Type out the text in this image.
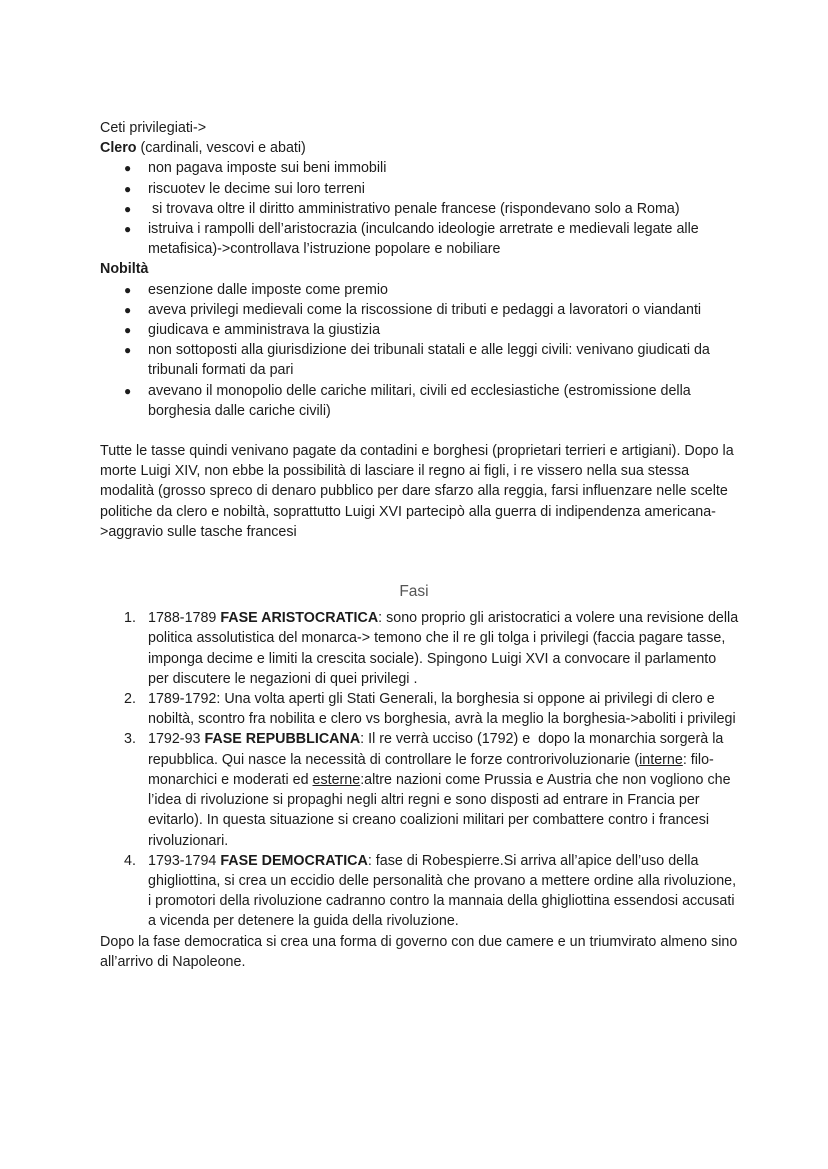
Ceti privilegiati->

Clero (cardinali, vescovi e abati)

● non pagava imposte sui beni immobili
● riscuotev le decime sui loro terreni
● si trovava oltre il diritto amministrativo penale francese (rispondevano solo a Roma)
● istruiva i rampolli dell’aristocrazia (inculcando ideologie arretrate e medievali legate alle metafisica)->controllava l’istruzione popolare e nobiliare

Nobiltà

● esenzione dalle imposte come premio
● aveva privilegi medievali come la riscossione di tributi e pedaggi a lavoratori o viandanti
● giudicava e amministrava la giustizia
● non sottoposti alla giurisdizione dei tribunali statali e alle leggi civili: venivano giudicati da tribunali formati da pari
● avevano il monopolio delle cariche militari, civili ed ecclesiastiche (estromissione della borghesia dalle cariche civili)

Tutte le tasse quindi venivano pagate da contadini e borghesi (proprietari terrieri e artigiani). Dopo la morte Luigi XIV, non ebbe la possibilità di lasciare il regno ai figli, i re vissero nella sua stessa modalità (grosso spreco di denaro pubblico per dare sfarzo alla reggia, farsi influenzare nelle scelte politiche da clero e nobiltà, soprattutto Luigi XVI partecipò alla guerra di indipendenza americana->aggravio sulle tasche francesi

Fasi
1. 1788-1789 FASE ARISTOCRATICA: sono proprio gli aristocratici a volere una revisione della politica assolutistica del monarca-> temono che il re gli tolga i privilegi (faccia pagare tasse, imponga decime e limiti la crescita sociale). Spingono Luigi XVI a convocare il parlamento per discutere le negazioni di quei privilegi .
2. 1789-1792: Una volta aperti gli Stati Generali, la borghesia si oppone ai privilegi di clero e nobiltà, scontro fra nobilita e clero vs borghesia, avrà la meglio la borghesia->aboliti i privilegi
3. 1792-93 FASE REPUBBLICANA: Il re verrà ucciso (1792) e  dopo la monarchia sorgerà la repubblica. Qui nasce la necessità di controllare le forze controrivoluzionarie (interne: filo-monarchici e moderati ed esterne:altre nazioni come Prussia e Austria che non vogliono che l’idea di rivoluzione si propaghi negli altri regni e sono disposti ad entrare in Francia per evitarlo). In questa situazione si creano coalizioni militari per combattere contro i francesi rivoluzionari.
4. 1793-1794 FASE DEMOCRATICA: fase di Robespierre.Si arriva all’apice dell’uso della ghigliottina, si crea un eccidio delle personalità che provano a mettere ordine alla rivoluzione, i promotori della rivoluzione cadranno contro la mannaia della ghigliottina essendosi accusati a vicenda per detenere la guida della rivoluzione.

Dopo la fase democratica si crea una forma di governo con due camere e un triumvirato almeno sino all’arrivo di Napoleone.
